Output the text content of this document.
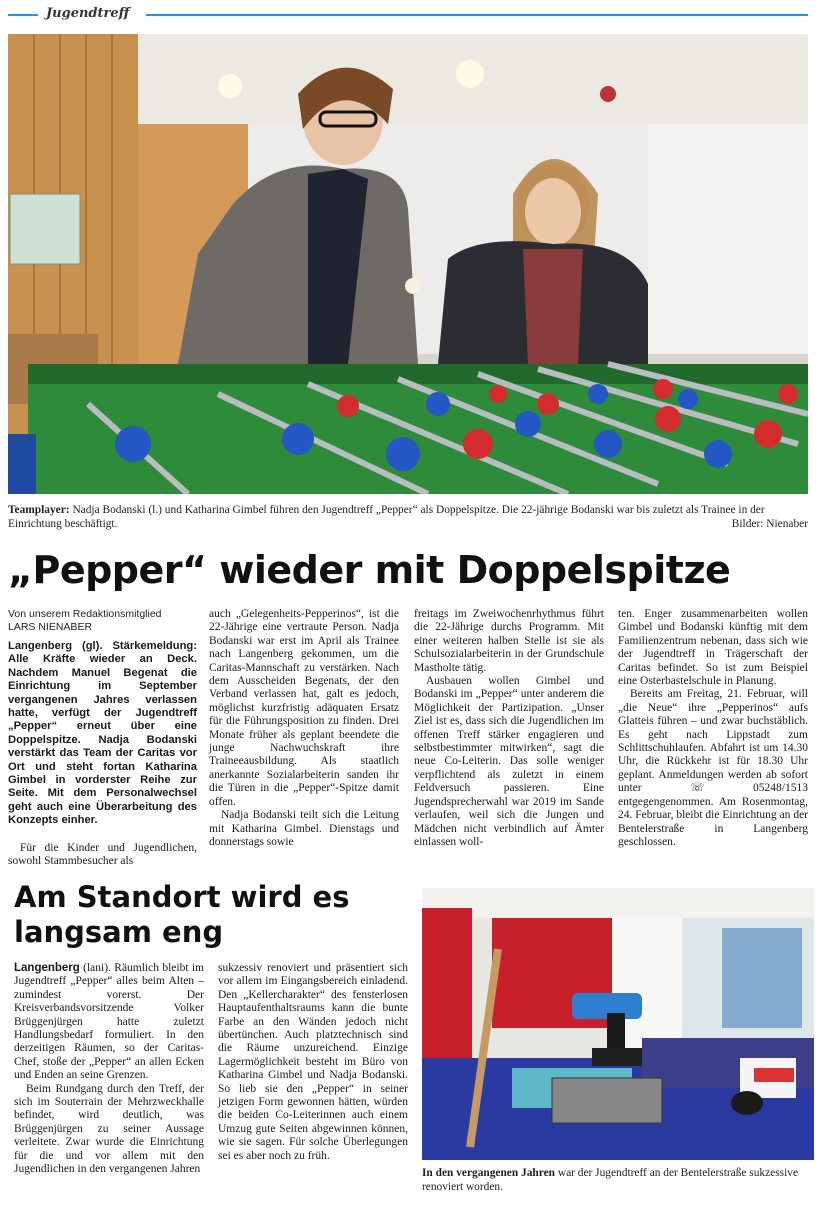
Jugendtreff
Teamplayer: Nadja Bodanski (l.) und Katharina Gimbel führen den Jugendtreff „Pepper“ als Doppelspitze. Die 22-jährige Bodanski war bis zuletzt als Trainee in der Einrichtung beschäftigt.	Bilder: Nienaber
„Pepper“ wieder mit Doppelspitze
Von unserem Redaktionsmitglied
LARS NIENABER

Langenberg (gl). Stärkemeldung: Alle Kräfte wieder an Deck. Nachdem Manuel Begenat die Einrichtung im September vergangenen Jahres verlassen hatte, verfügt der Jugendtreff „Pepper“ erneut über eine Doppelspitze. Nadja Bodanski verstärkt das Team der Caritas vor Ort und steht fortan Katharina Gimbel in vorderster Reihe zur Seite. Mit dem Personalwechsel geht auch eine Überarbeitung des Konzepts einher.

Für die Kinder und Jugendlichen, sowohl Stammbesucher als

auch „Gelegenheits-Pepperinos“, ist die 22-Jährige eine vertraute Person. Nadja Bodanski war erst im April als Trainee nach Langenberg gekommen, um die Caritas-Mannschaft zu verstärken. Nach dem Ausscheiden Begenats, der den Verband verlassen hat, galt es jedoch, möglichst kurzfristig adäquaten Ersatz für die Führungsposition zu finden. Drei Monate früher als geplant beendete die junge Nachwuchskraft ihre Traineeausbildung. Als staatlich anerkannte Sozialarbeiterin sanden ihr die Türen in die „Pepper“-Spitze damit offen.

Nadja Bodanski teilt sich die Leitung mit Katharina Gimbel. Dienstags und donnerstags sowie

freitags im Zweiwochenrhythmus führt die 22-Jährige durchs Programm. Mit einer weiteren halben Stelle ist sie als Schulsozialarbeiterin in der Grundschule Mastholte tätig.

Ausbauen wollen Gimbel und Bodanski im „Pepper“ unter anderem die Möglichkeit der Partizipation. „Unser Ziel ist es, dass sich die Jugendlichen im offenen Treff stärker engagieren und selbstbestimmter mitwirken“, sagt die neue Co-Leiterin. Das solle weniger verpflichtend als zuletzt in einem Feldversuch passieren. Eine Jugendsprecherwahl war 2019 im Sande verlaufen, weil sich die Jungen und Mädchen nicht verbindlich auf Ämter einlassen woll-

ten. Enger zusammenarbeiten wollen Gimbel und Bodanski künftig mit dem Familienzentrum nebenan, dass sich wie der Jugendtreff in Trägerschaft der Caritas befindet. So ist zum Beispiel eine Osterbastelschule in Planung.

Bereits am Freitag, 21. Februar, will „die Neue“ ihre „Pepperinos“ aufs Glatteis führen – und zwar buchstäblich. Es geht nach Lippstadt zum Schlittschuhlaufen. Abfahrt ist um 14.30 Uhr, die Rückkehr ist für 18.30 Uhr geplant. Anmeldungen werden ab sofort unter ☏ 05248/1513 entgegengenommen. Am Rosenmontag, 24. Februar, bleibt die Einrichtung an der Bentelerstraße in Langenberg geschlossen.

Am Standort wird es langsam eng

Langenberg (lani). Räumlich bleibt im Jugendtreff „Pepper“ alles beim Alten – zumindest vorerst. Der Kreisverbandsvorsitzende Volker Brüggenjürgen hatte zuletzt Handlungsbedarf formuliert. In den derzeitigen Räumen, so der Caritas-Chef, stoße der „Pepper“ an allen Ecken und Enden an seine Grenzen.

Beim Rundgang durch den Treff, der sich im Souterrain der Mehrzweckhalle befindet, wird deutlich, was Brüggenjürgen zu seiner Aussage verleitete. Zwar wurde die Einrichtung für die und vor allem mit den Jugendlichen in den vergangenen Jahren

sukzessiv renoviert und präsentiert sich vor allem im Eingangsbereich einladend. Den „Kellercharakter“ des fensterlosen Hauptaufenthaltsraums kann die bunte Farbe an den Wänden jedoch nicht übertünchen. Auch platztechnisch sind die Räume unzureichend. Einzige Lagermöglichkeit besteht im Büro von Katharina Gimbel und Nadja Bodanski. So lieb sie den „Pepper“ in seiner jetzigen Form gewonnen hätten, würden die beiden Co-Leiterinnen auch einem Umzug gute Seiten abgewinnen können, wie sie sagen. Für solche Überlegungen sei es aber noch zu früh.

In den vergangenen Jahren war der Jugendtreff an der Bentelerstraße sukzessive renoviert worden.
